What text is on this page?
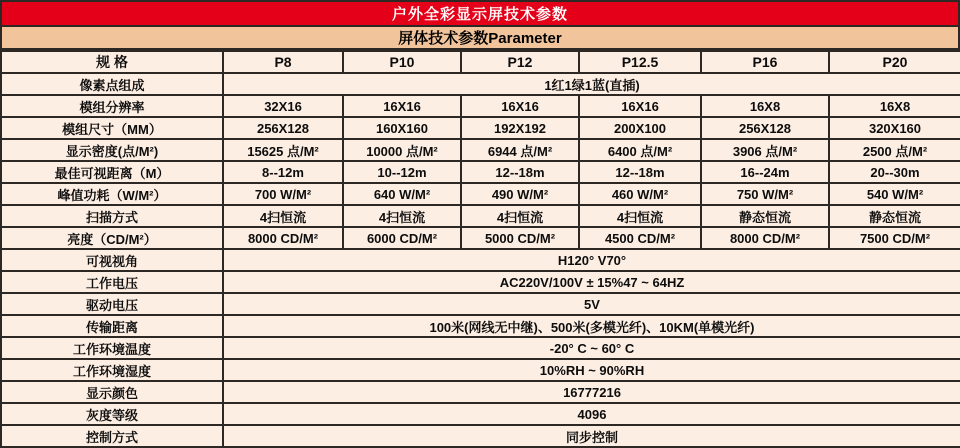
户外全彩显示屏技术参数
屏体技术参数Parameter
规 格	P8	P10	P12	P12.5	P16	P20
像素点组成	1红1绿1蓝(直插)					
模组分辨率	32X16	16X16	16X16	16X16	16X8	16X8
模组尺寸（MM）	256X128	160X160	192X192	200X100	256X128	320X160
显示密度(点/M²)	15625 点/M²	10000 点/M²	6944 点/M²	6400 点/M²	3906 点/M²	2500 点/M²
最佳可视距离（M）	8--12m	10--12m	12--18m	12--18m	16--24m	20--30m
峰值功耗（W/M²）	700 W/M²	640 W/M²	490 W/M²	460 W/M²	750 W/M²	540 W/M²
扫描方式	4扫恒流	4扫恒流	4扫恒流	4扫恒流	静态恒流	静态恒流
亮度（CD/M²）	8000 CD/M²	6000 CD/M²	5000 CD/M²	4500 CD/M²	8000 CD/M²	7500 CD/M²
可视视角	H120° V70°					
工作电压	AC220V/100V ± 15%47 ~ 64HZ					
驱动电压	5V					
传输距离	100米(网线无中继)、500米(多模光纤)、10KM(单模光纤)					
工作环境温度	-20° C ~ 60° C					
工作环境湿度	10%RH ~ 90%RH					
显示颜色	16777216					
灰度等级	4096					
控制方式	同步控制					
